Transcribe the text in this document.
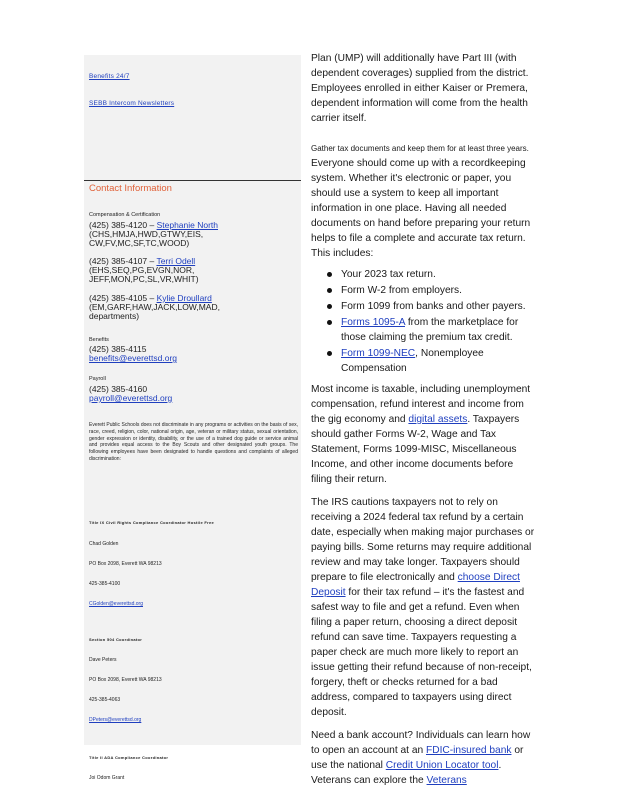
Benefits 24/7
SEBB Intercom Newsletters
Contact Information
Compensation & Certification
(425) 385-4120 – Stephanie North
(CHS,HMJA,HWD,GTWY,EIS,
CW,FV,MC,SF,TC,WOOD)
(425) 385-4107 – Terri Odell
(EHS,SEQ,PG,EVGN,NOR,
JEFF,MON,PC,SL,VR,WHIT)
(425) 385-4105 – Kylie Droullard
(EM,GARF,HAW,JACK,LOW,MAD,
departments)
Benefits
(425) 385-4115
benefits@everettsd.org
Payroll
(425) 385-4160
payroll@everettsd.org
Everett Public Schools does not discriminate in any programs or activities on the basis of sex, race, creed, religion, color, national origin, age, veteran or military status, sexual orientation, gender expression or identity, disability, or the use of a trained dog guide or service animal and provides equal access to the Boy Scouts and other designated youth groups. The following employees have been designated to handle questions and complaints of alleged discrimination:
Title IX Civil Rights Compliance Coordinator Hostile Free
Chad Golden
PO Box 2098, Everett WA 98213
425-385-4100
CGolden@everettsd.org
Section 504 Coordinator
Dave Peters
PO Box 2098, Everett WA 98213
425-385-4063
DPeters@everettsd.org
Title II ADA Compliance Coordinator
Joi Odom Grant

Plan (UMP) will additionally have Part III (with dependent coverages) supplied from the district. Employees enrolled in either Kaiser or Premera, dependent information will come from the health carrier itself.

Gather tax documents and keep them for at least three years. Everyone should come up with a recordkeeping system. Whether it's electronic or paper, you should use a system to keep all important information in one place. Having all needed documents on hand before preparing your return helps to file a complete and accurate tax return. This includes:

Your 2023 tax return.
Form W-2 from employers.
Form 1099 from banks and other payers.
Forms 1095-A from the marketplace for those claiming the premium tax credit.
Form 1099-NEC, Nonemployee Compensation

Most income is taxable, including unemployment compensation, refund interest and income from the gig economy and digital assets. Taxpayers should gather Forms W-2, Wage and Tax Statement, Forms 1099-MISC, Miscellaneous Income, and other income documents before filing their return.

The IRS cautions taxpayers not to rely on receiving a 2024 federal tax refund by a certain date, especially when making major purchases or paying bills. Some returns may require additional review and may take longer. Taxpayers should prepare to file electronically and choose Direct Deposit for their tax refund – it's the fastest and safest way to file and get a refund. Even when filing a paper return, choosing a direct deposit refund can save time. Taxpayers requesting a paper check are much more likely to report an issue getting their refund because of non-receipt, forgery, theft or checks returned for a bad address, compared to taxpayers using direct deposit.

Need a bank account? Individuals can learn how to open an account at an FDIC-insured bank or use the national Credit Union Locator tool. Veterans can explore the Veterans
